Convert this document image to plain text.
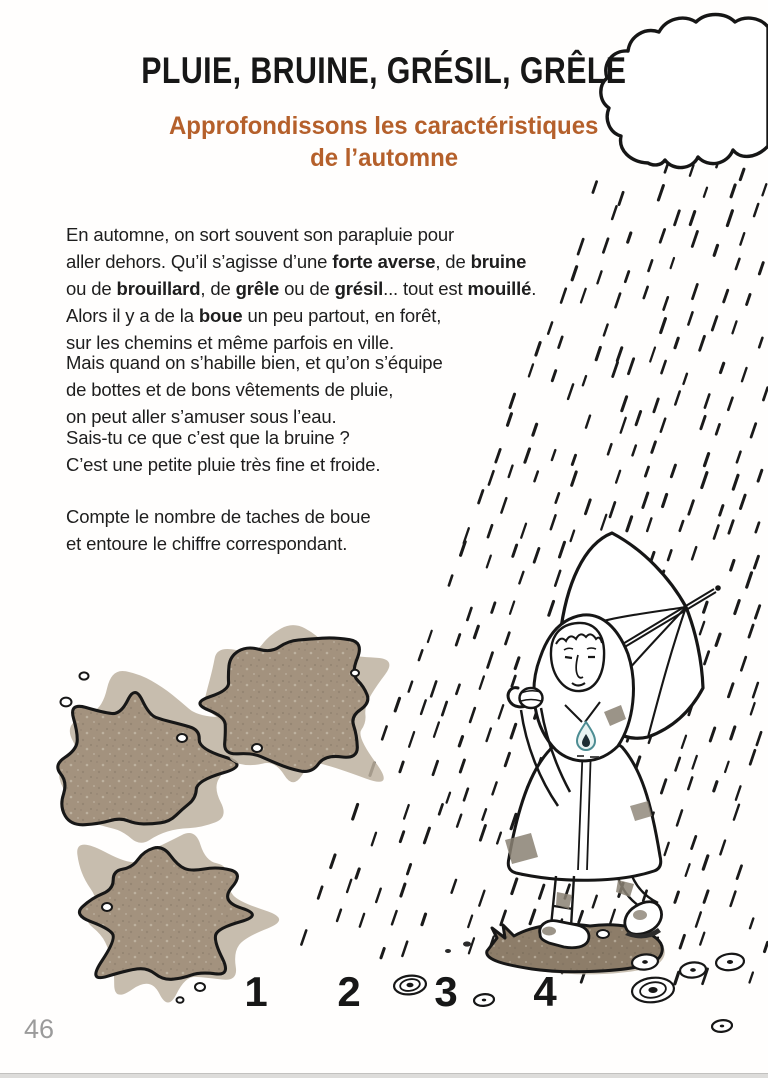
PLUIE, BRUINE, GRÉSIL, GRÊLE
Approfondissons les caractéristiques
de l’automne
En automne, on sort souvent son parapluie pour
aller dehors. Qu’il s’agisse d’une forte averse, de bruine
ou de brouillard, de grêle ou de grésil... tout est mouillé.
Alors il y a de la boue un peu partout, en forêt,
sur les chemins et même parfois en ville.
Mais quand on s’habille bien, et qu’on s’équipe
de bottes et de bons vêtements de pluie,
on peut aller s’amuser sous l’eau.
Sais-tu ce que c’est que la bruine ?
C’est une petite pluie très fine et froide.
Compte le nombre de taches de boue
et entoure le chiffre correspondant.
1 2 3 4
46
